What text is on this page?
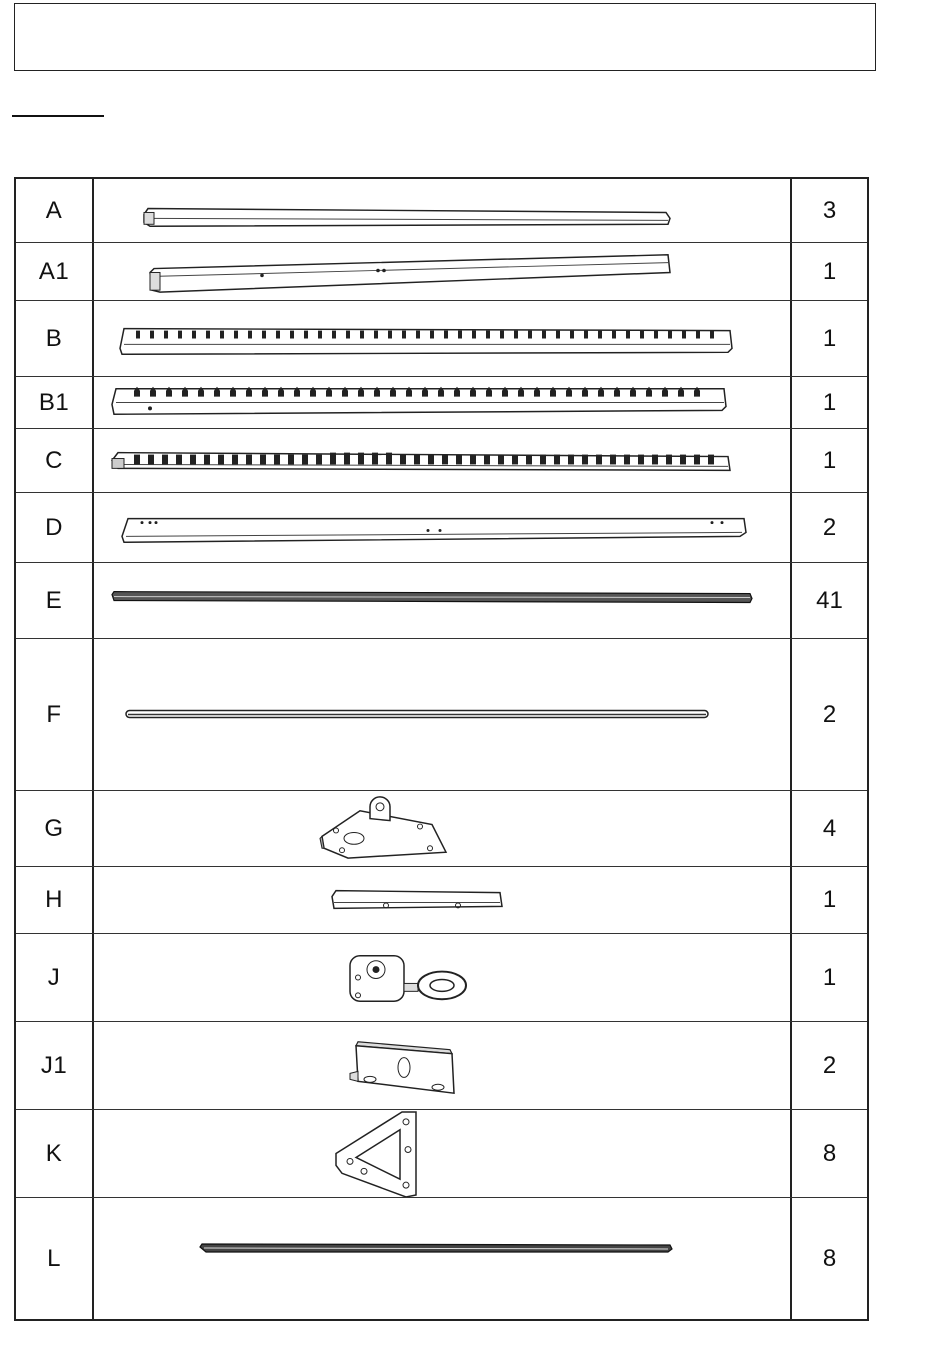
A	3
A1	1
B	1
B1	1
C	1
D	2
E	41
F	2
G	4
H	1
J	1
J1	2
K	8
L	8
